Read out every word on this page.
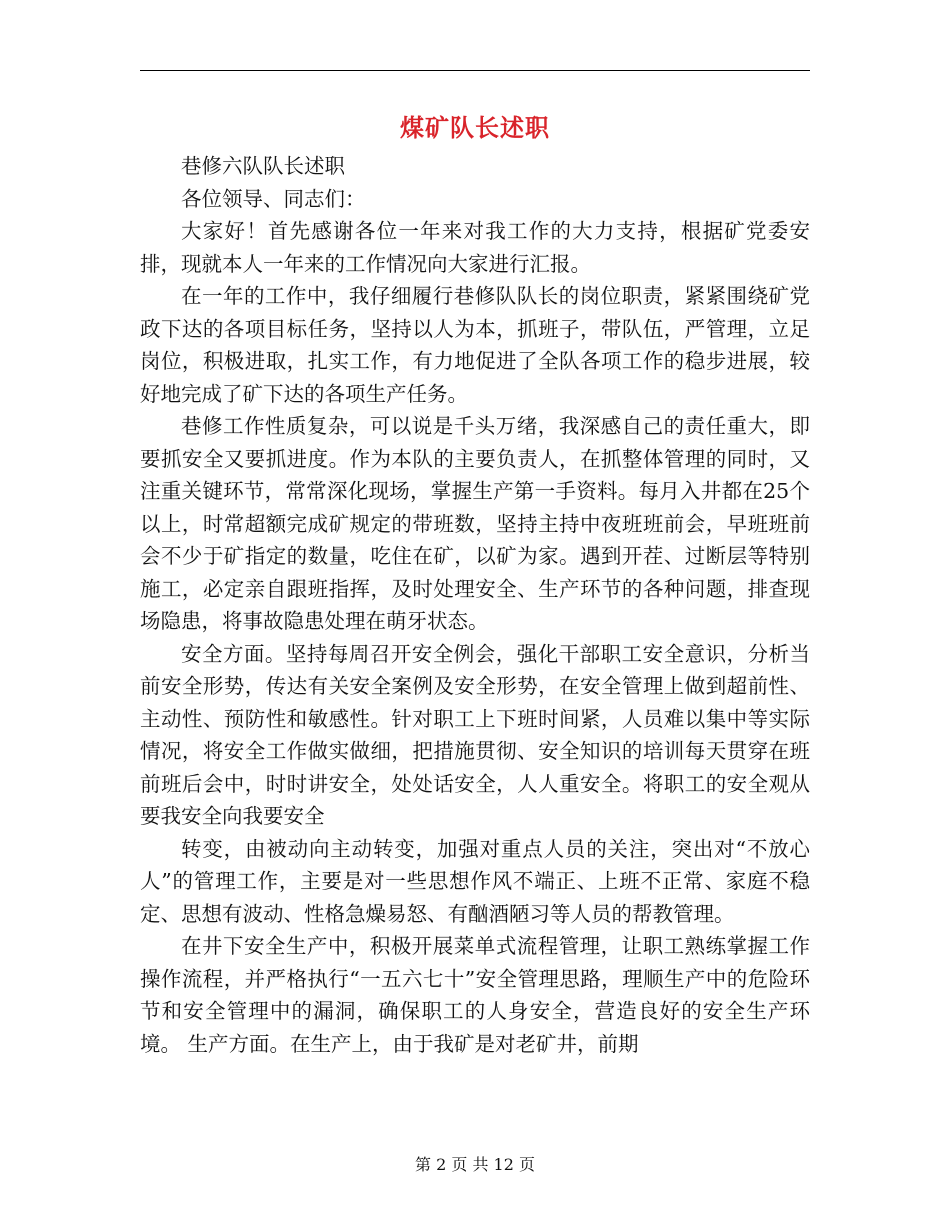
煤矿队长述职

巷修六队队长述职

各位领导、同志们：

大家好！首先感谢各位一年来对我工作的大力支持，根据矿党委安排，现就本人一年来的工作情况向大家进行汇报。

在一年的工作中，我仔细履行巷修队队长的岗位职责，紧紧围绕矿党政下达的各项目标任务，坚持以人为本，抓班子，带队伍，严管理，立足岗位，积极进取，扎实工作，有力地促进了全队各项工作的稳步进展，较好地完成了矿下达的各项生产任务。

巷修工作性质复杂，可以说是千头万绪，我深感自己的责任重大，即要抓安全又要抓进度。作为本队的主要负责人，在抓整体管理的同时，又注重关键环节，常常深化现场，掌握生产第一手资料。每月入井都在25个以上，时常超额完成矿规定的带班数，坚持主持中夜班班前会，早班班前会不少于矿指定的数量，吃住在矿，以矿为家。遇到开茬、过断层等特别施工，必定亲自跟班指挥，及时处理安全、生产环节的各种问题，排查现场隐患，将事故隐患处理在萌牙状态。

安全方面。坚持每周召开安全例会，强化干部职工安全意识，分析当前安全形势，传达有关安全案例及安全形势，在安全管理上做到超前性、主动性、预防性和敏感性。针对职工上下班时间紧，人员难以集中等实际情况，将安全工作做实做细，把措施贯彻、安全知识的培训每天贯穿在班前班后会中，时时讲安全，处处话安全，人人重安全。将职工的安全观从要我安全向我要安全

转变，由被动向主动转变，加强对重点人员的关注，突出对“不放心人”的管理工作，主要是对一些思想作风不端正、上班不正常、家庭不稳定、思想有波动、性格急燥易怒、有酗酒陋习等人员的帮教管理。

在井下安全生产中，积极开展菜单式流程管理，让职工熟练掌握工作操作流程，并严格执行“一五六七十”安全管理思路，理顺生产中的危险环节和安全管理中的漏洞，确保职工的人身安全，营造良好的安全生产环境。 生产方面。在生产上，由于我矿是对老矿井，前期

第 2 页 共 12 页
